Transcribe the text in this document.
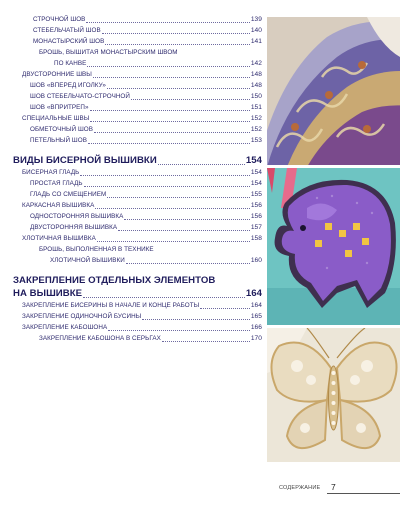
СТРОЧНОЙ ШОВ	139
СТЕБЕЛЬЧАТЫЙ ШОВ	140
МОНАСТЫРСКИЙ ШОВ	141
БРОШЬ, ВЫШИТАЯ МОНАСТЫРСКИМ ШВОМ
ПО КАНВЕ	142
ДВУСТОРОННИЕ ШВЫ	148
ШОВ «ВПЕРЕД ИГОЛКУ»	148
ШОВ СТЕБЕЛЬЧАТО-СТРОЧНОЙ	150
ШОВ «ВПРИТРЕП»	151
СПЕЦИАЛЬНЫЕ ШВЫ	152
ОБМЕТОЧНЫЙ ШОВ	152
ПЕТЕЛЬНЫЙ ШОВ	153
ВИДЫ БИСЕРНОЙ ВЫШИВКИ	154
БИСЕРНАЯ ГЛАДЬ	154
ПРОСТАЯ ГЛАДЬ	154
ГЛАДЬ СО СМЕЩЕНИЕМ	155
КАРКАСНАЯ ВЫШИВКА	156
ОДНОСТОРОННЯЯ ВЫШИВКА	156
ДВУСТОРОННЯЯ ВЫШИВКА	157
ХЛОТИЧНАЯ ВЫШИВКА	158
БРОШЬ, ВЫПОЛНЕННАЯ В ТЕХНИКЕ
ХЛОТИЧНОЙ ВЫШИВКИ	160
ЗАКРЕПЛЕНИЕ ОТДЕЛЬНЫХ ЭЛЕМЕНТОВ
НА ВЫШИВКЕ	164
ЗАКРЕПЛЕНИЕ БИСЕРИНЫ В НАЧАЛЕ И КОНЦЕ РАБОТЫ	164
ЗАКРЕПЛЕНИЕ ОДИНОЧНОЙ БУСИНЫ	165
ЗАКРЕПЛЕНИЕ КАБОШОНА	166
ЗАКРЕПЛЕНИЕ КАБОШОНА В СЕРЬГАХ	170
СОДЕРЖАНИЕ 7
